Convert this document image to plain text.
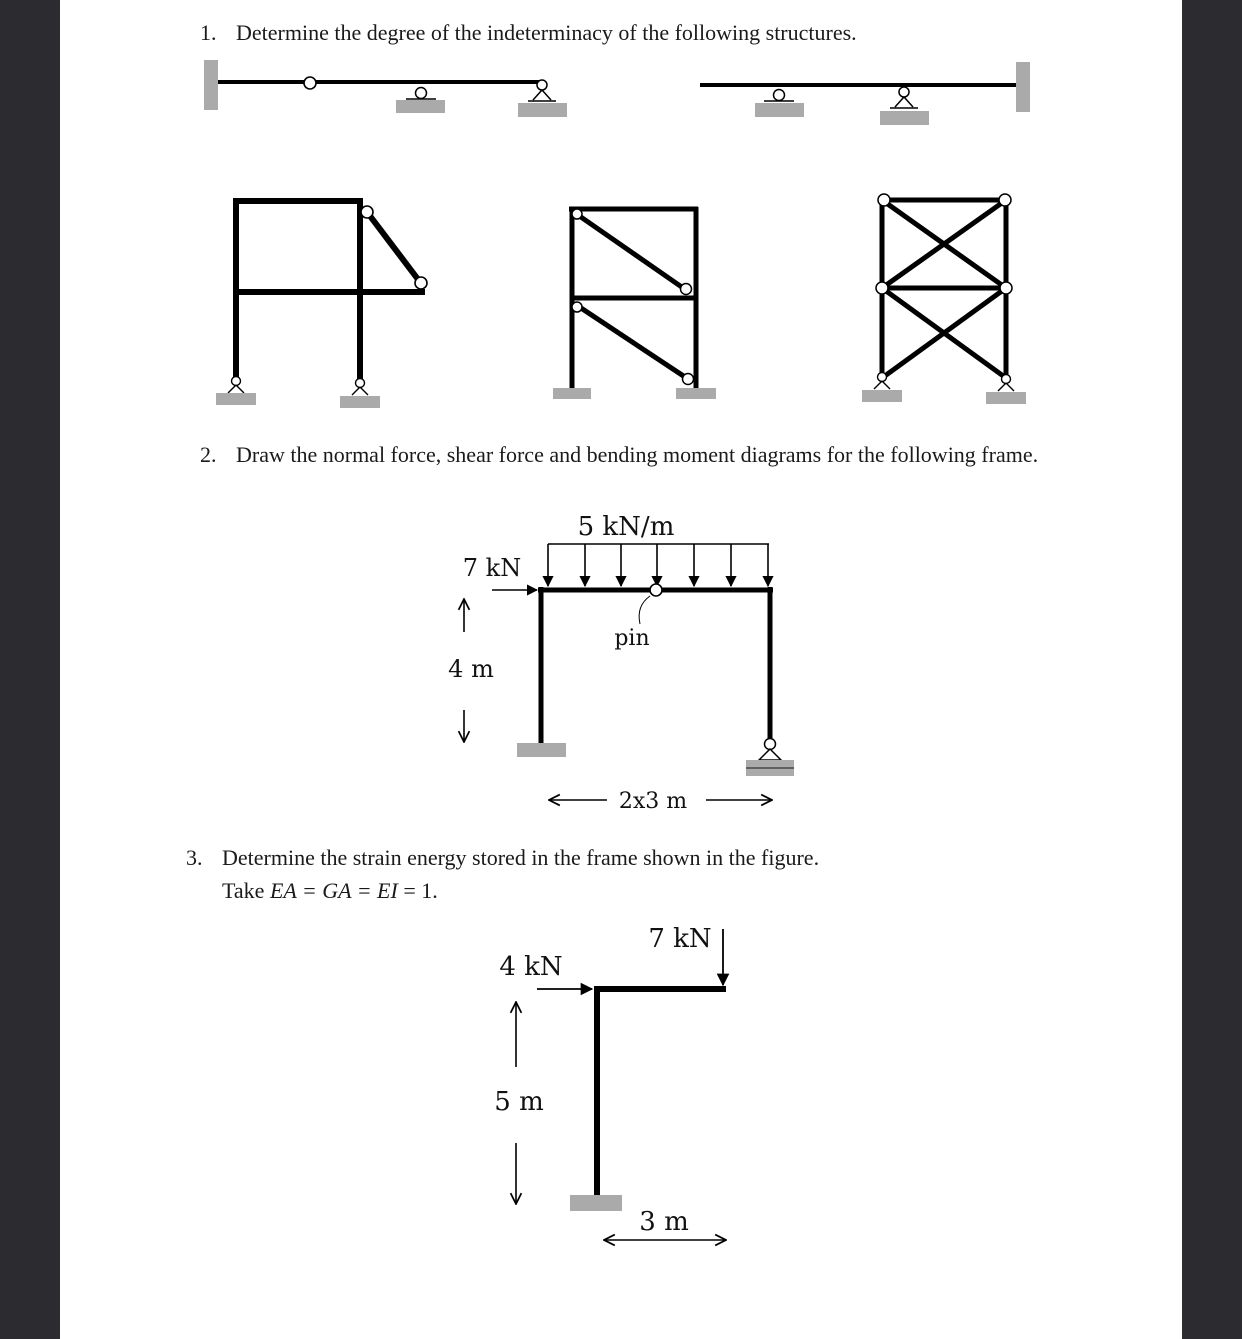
1. Determine the degree of the indeterminacy of the following structures.
2. Draw the normal force, shear force and bending moment diagrams for the following frame.
3. Determine the strain energy stored in the frame shown in the figure.
Take EA = GA = EI = 1.
5 kN/m
7 kN
pin
4 m
2x3 m
4 kN
7 kN
5 m
3 m
